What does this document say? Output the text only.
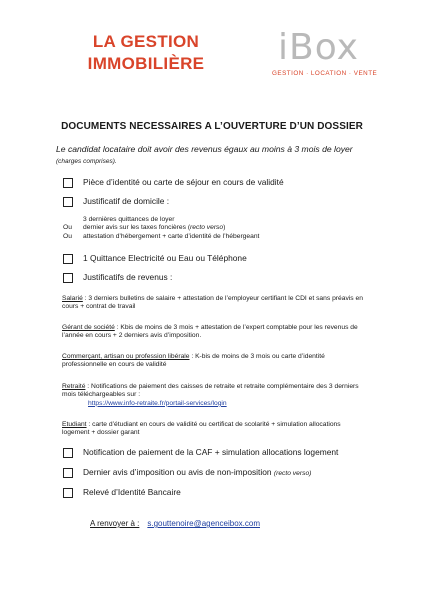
LA GESTION
IMMOBILIÈRE	iBox
GESTION · LOCATION · VENTE
DOCUMENTS NECESSAIRES A L’OUVERTURE D’UN DOSSIER
Le candidat locataire doit avoir des revenus égaux au moins à 3 mois de loyer (charges comprises).
Pièce d’identité ou carte de séjour en cours de validité
Justificatif de domicile :
3 dernières quittances de loyer
Ou dernier avis sur les taxes foncières (recto verso)
Ou attestation d’hébergement + carte d’identité de l’hébergeant
1 Quittance Electricité ou Eau ou Téléphone
Justificatifs de revenus :
Salarié : 3 derniers bulletins de salaire + attestation de l’employeur certifiant le CDI et sans préavis en cours + contrat de travail
Gérant de société : Kbis de moins de 3 mois + attestation de l’expert comptable pour les revenus de l’année en cours + 2 derniers avis d’imposition.
Commerçant, artisan ou profession libérale : K-bis de moins de 3 mois ou carte d’identité professionnelle en cours de validité
Retraité : Notifications de paiement des caisses de retraite et retraite complémentaire des 3 derniers mois téléchargeables sur :
https://www.info-retraite.fr/portail-services/login
Etudiant : carte d’étudiant en cours de validité ou certificat de scolarité + simulation allocations logement + dossier garant
Notification de paiement de la CAF + simulation allocations logement
Dernier avis d’imposition ou avis de non-imposition (recto verso)
Relevé d’Identité Bancaire
A renvoyer à : s.gouttenoire@agenceibox.com
